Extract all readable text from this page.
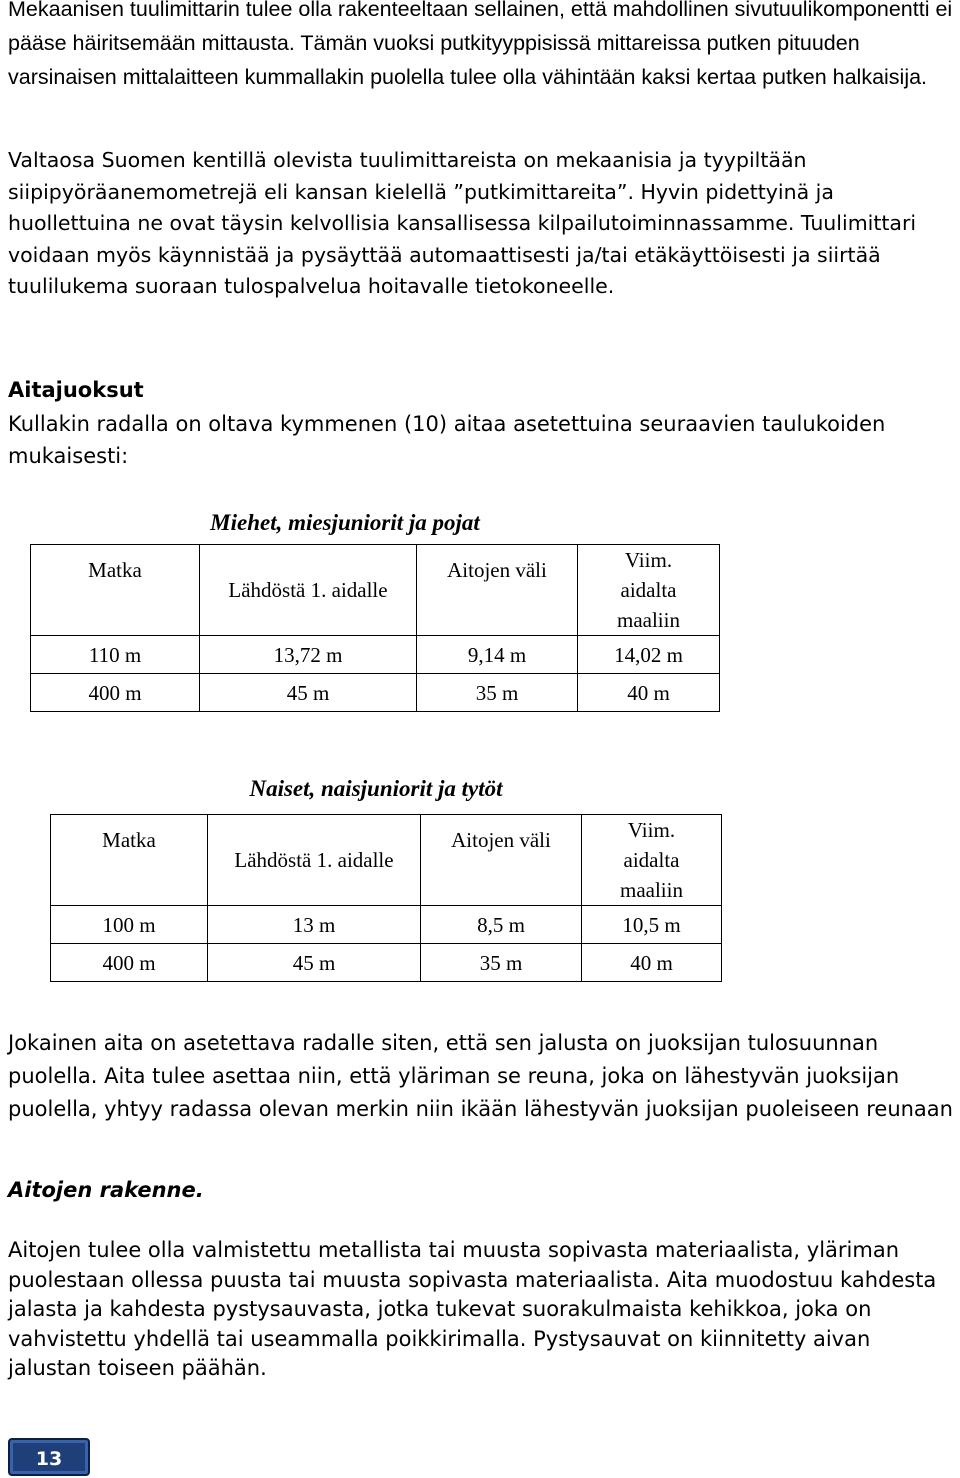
Mekaanisen tuulimittarin tulee olla rakenteeltaan sellainen, että mahdollinen sivutuulikomponentti ei pääse häiritsemään mittausta. Tämän vuoksi putkityyppisissä mittareissa putken pituuden varsinaisen mittalaitteen kummallakin puolella tulee olla vähintään kaksi kertaa putken halkaisija.

Valtaosa Suomen kentillä olevista tuulimittareista on mekaanisia ja tyypiltään siipipyöräanemometrejä eli kansan kielellä ”putkimittareita”. Hyvin pidettyinä ja huollettuina ne ovat täysin kelvollisia kansallisessa kilpailutoiminnassamme. Tuulimittari voidaan myös käynnistää ja pysäyttää automaattisesti ja/tai etäkäyttöisesti ja siirtää tuulilukema suoraan tulospalvelua hoitavalle tietokoneelle.

Aitajuoksut

Kullakin radalla on oltava kymmenen (10) aitaa asetettuina seuraavien taulukoiden mukaisesti:

Miehet, miesjuniorit ja pojat
Matka	Lähdöstä 1. aidalle	Aitojen väli	Viim. aidalta maaliin
110 m	13,72 m	9,14 m	14,02 m
400 m	45 m	35 m	40 m
Naiset, naisjuniorit ja tytöt
Matka	Lähdöstä 1. aidalle	Aitojen väli	Viim. aidalta maaliin
100 m	13 m	8,5 m	10,5 m
400 m	45 m	35 m	40 m

Jokainen aita on asetettava radalle siten, että sen jalusta on juoksijan tulosuunnan puolella. Aita tulee asettaa niin, että yläriman se reuna, joka on lähestyvän juoksijan puolella, yhtyy radassa olevan merkin niin ikään lähestyvän juoksijan puoleiseen reunaan

Aitojen rakenne.

Aitojen tulee olla valmistettu metallista tai muusta sopivasta materiaalista, yläriman puolestaan ollessa puusta tai muusta sopivasta materiaalista. Aita muodostuu kahdesta jalasta ja kahdesta pystysauvasta, jotka tukevat suorakulmaista kehikkoa, joka on vahvistettu yhdellä tai useammalla poikkirimalla. Pystysauvat on kiinnitetty aivan jalustan toiseen päähän.

13
